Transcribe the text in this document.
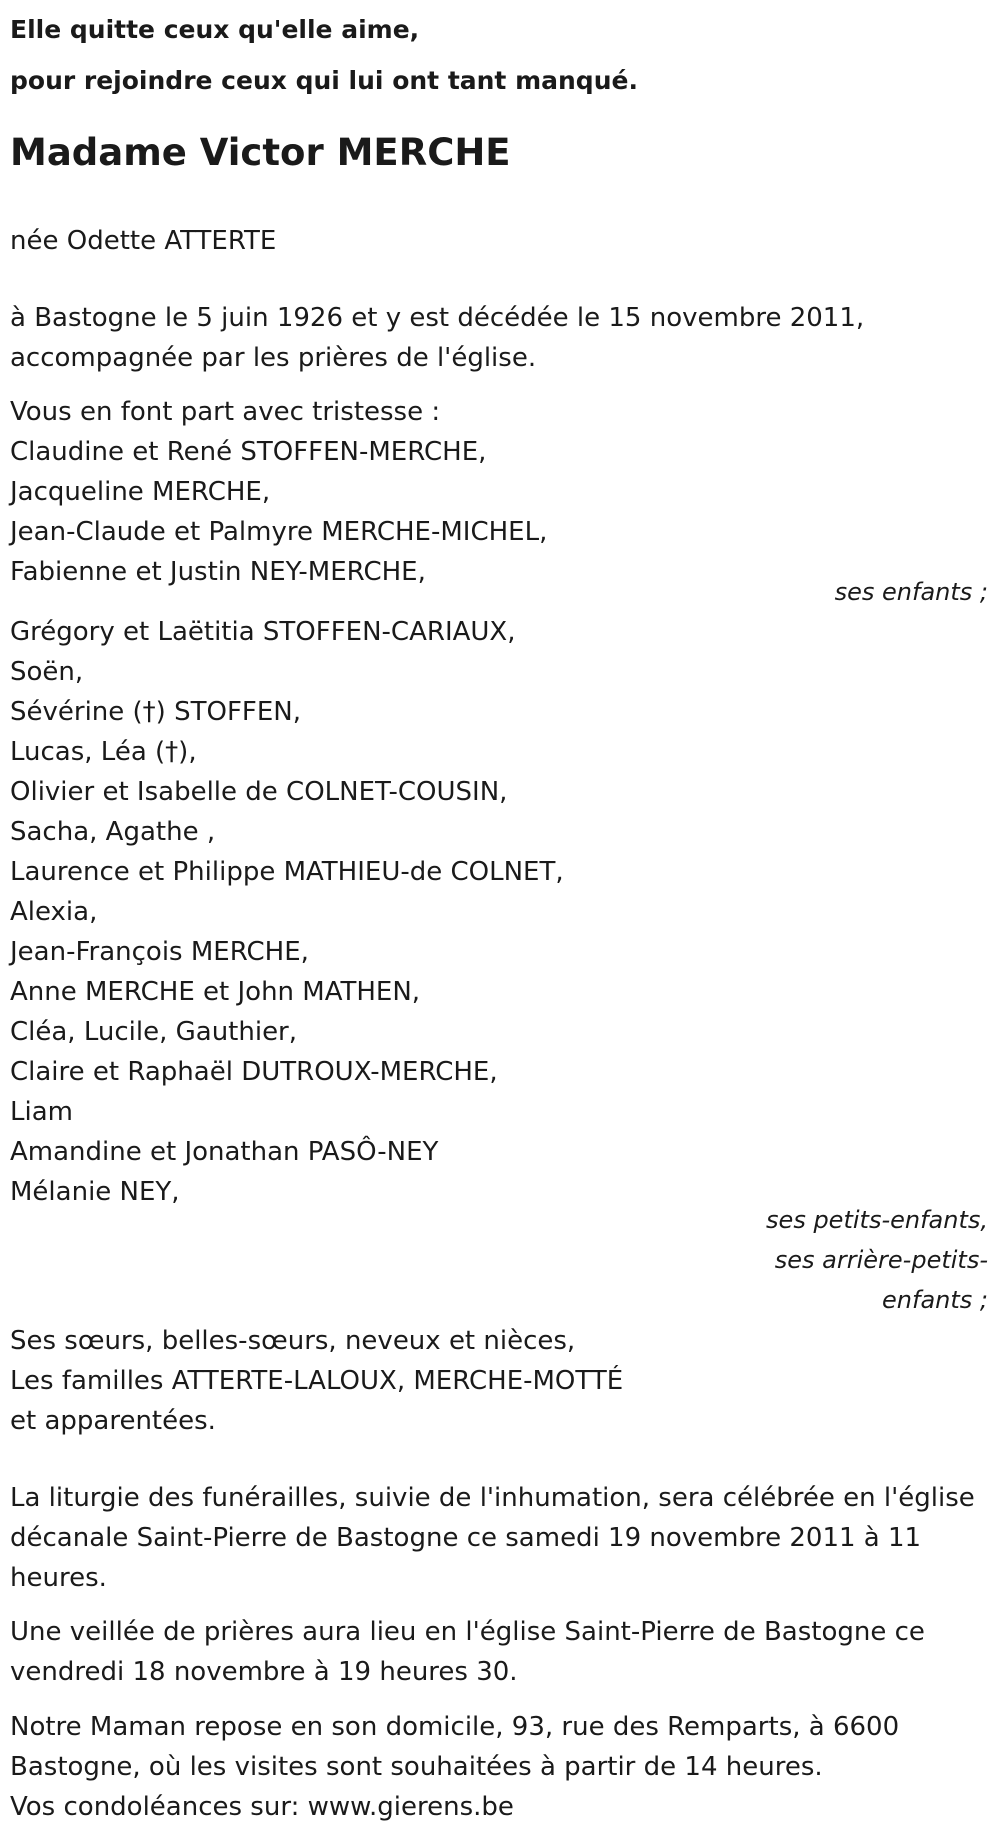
Elle quitte ceux qu'elle aime,
pour rejoindre ceux qui lui ont tant manqué.
Madame Victor MERCHE
née Odette ATTERTE
à Bastogne le 5 juin 1926 et y est décédée le 15 novembre 2011,
accompagnée par les prières de l'église.
Vous en font part avec tristesse :
Claudine et René STOFFEN-MERCHE,
Jacqueline MERCHE,
Jean-Claude et Palmyre MERCHE-MICHEL,
Fabienne et Justin NEY-MERCHE,
ses enfants ;
Grégory et Laëtitia STOFFEN-CARIAUX,
Soën,
Sévérine (†) STOFFEN,
Lucas, Léa (†),
Olivier et Isabelle de COLNET-COUSIN,
Sacha, Agathe ,
Laurence et Philippe MATHIEU-de COLNET,
Alexia,
Jean-François MERCHE,
Anne MERCHE et John MATHEN,
Cléa, Lucile, Gauthier,
Claire et Raphaël DUTROUX-MERCHE,
Liam
Amandine et Jonathan PASÔ-NEY
Mélanie NEY,
ses petits-enfants,
ses arrière-petits-
enfants ;
Ses sœurs, belles-sœurs, neveux et nièces,
Les familles ATTERTE-LALOUX, MERCHE-MOTTÉ
et apparentées.
La liturgie des funérailles, suivie de l'inhumation, sera célébrée en l'église
décanale Saint-Pierre de Bastogne ce samedi 19 novembre 2011 à 11
heures.
Une veillée de prières aura lieu en l'église Saint-Pierre de Bastogne ce
vendredi 18 novembre à 19 heures 30.
Notre Maman repose en son domicile, 93, rue des Remparts, à 6600
Bastogne, où les visites sont souhaitées à partir de 14 heures.
Vos condoléances sur: www.gierens.be
